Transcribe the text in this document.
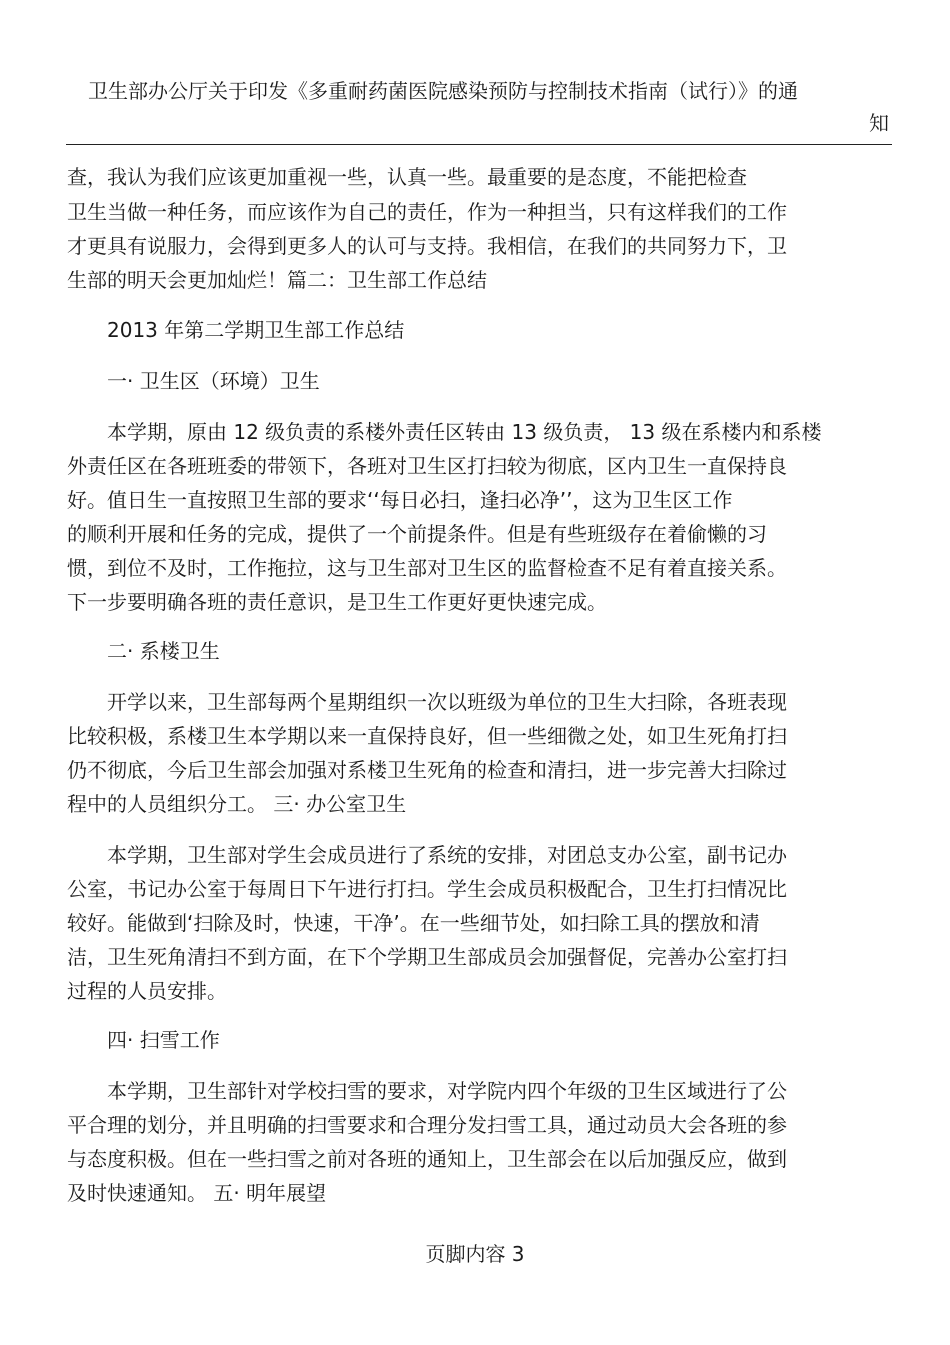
卫生部办公厅关于印发《多重耐药菌医院感染预防与控制技术指南（试行）》的通
知
查，我认为我们应该更加重视一些，认真一些。最重要的是态度，不能把检查
卫生当做一种任务，而应该作为自己的责任，作为一种担当，只有这样我们的工作
才更具有说服力，会得到更多人的认可与支持。我相信，在我们的共同努力下，卫
生部的明天会更加灿烂！篇二：卫生部工作总结
2013 年第二学期卫生部工作总结
一· 卫生区（环境）卫生
本学期，原由 12 级负责的系楼外责任区转由 13 级负责， 13 级在系楼内和系楼
外责任区在各班班委的带领下，各班对卫生区打扫较为彻底，区内卫生一直保持良
好。值日生一直按照卫生部的要求‘‘每日必扫，逢扫必净’’，这为卫生区工作
的顺利开展和任务的完成，提供了一个前提条件。但是有些班级存在着偷懒的习
惯，到位不及时，工作拖拉，这与卫生部对卫生区的监督检查不足有着直接关系。
下一步要明确各班的责任意识，是卫生工作更好更快速完成。
二· 系楼卫生
开学以来，卫生部每两个星期组织一次以班级为单位的卫生大扫除，各班表现
比较积极，系楼卫生本学期以来一直保持良好，但一些细微之处，如卫生死角打扫
仍不彻底，今后卫生部会加强对系楼卫生死角的检查和清扫，进一步完善大扫除过
程中的人员组织分工。 三· 办公室卫生
本学期，卫生部对学生会成员进行了系统的安排，对团总支办公室，副书记办
公室，书记办公室于每周日下午进行打扫。学生会成员积极配合，卫生打扫情况比
较好。能做到‘扫除及时，快速，干净’。在一些细节处，如扫除工具的摆放和清
洁，卫生死角清扫不到方面，在下个学期卫生部成员会加强督促，完善办公室打扫
过程的人员安排。
四· 扫雪工作
本学期，卫生部针对学校扫雪的要求，对学院内四个年级的卫生区域进行了公
平合理的划分，并且明确的扫雪要求和合理分发扫雪工具，通过动员大会各班的参
与态度积极。但在一些扫雪之前对各班的通知上，卫生部会在以后加强反应，做到
及时快速通知。 五· 明年展望
页脚内容 3
